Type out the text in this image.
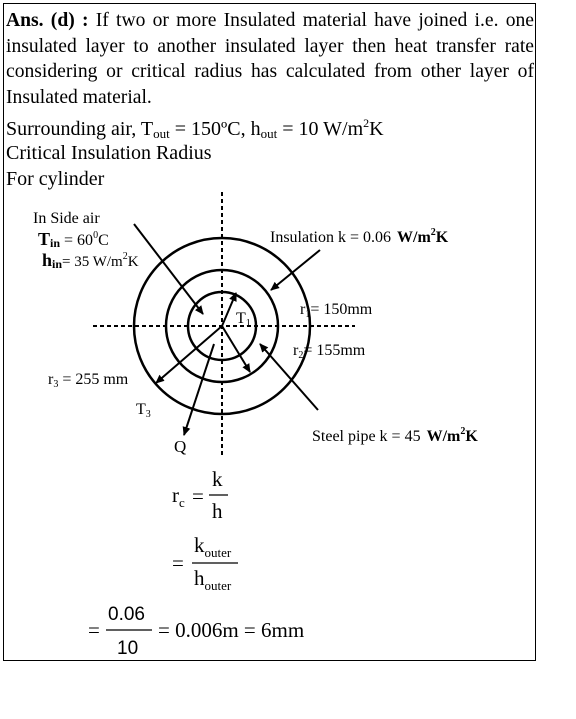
Ans. (d) : If two or more Insulated material have joined i.e. one insulated layer to another insulated layer then heat transfer rate considering or critical radius has calculated from other layer of Insulated material.
Surrounding air, $T_{out}$ = 150ºC, $h_{out} = 10$ $W/m^2K$
Critical Insulation Radius
For cylinder
In Side air
Tin = $60^0C$
hin= 35 $W/m^2K$
Insulation k = 0.06 $W/m^2K$
T1
r1= 150mm
r2= 155mm
r3 = 255 mm
T3
Q
Steel pipe k = 45 $W/m^2K$
$r_c$ =
k
h
=
$k_{outer}$
$h_{outer}$
=
0.06
10
= 0.006m = 6mm
